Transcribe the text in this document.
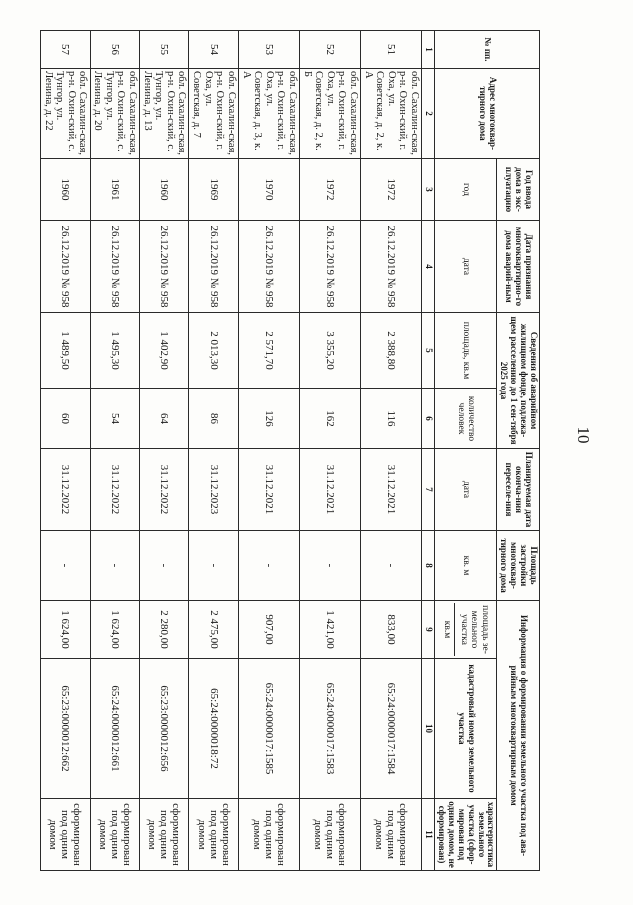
10
№ пп.	Адрес многоквар-тирного дома	Год ввода дома в экс-плуатацию	Дата признания многоквартирно-го дома аварий-ным	Сведения об аварийном жилищном фонде, подлежа-щем расселению до 1 сен-тября 2025 года		Планируемая дата оконча-ния переселе-ния	Площадь застройки многоквар-тирного дома	Информация о формировании земельного участка под ава-рийным многоквартирным домом		
		год	дата	площадь, кв.м	количество человек	дата	кв. м	площадь зе-мельного участка
кв.м	кадастровый номер земельного участка	характеристика земельного участка (сфор-мирован под одним домом, не сформирован)
1	2	3	4	5	6	7	8	9	10	11
51	обл. Сахалин-ская, р-н. Охин-ский, г. Оха, ул. Советская, д. 2, к. А	1972	26.12.2019 № 958	2 388,80	116	31.12.2021	-	833,00	65:24:0000017:1584	сформирован под одним домом
52	обл. Сахалин-ская, р-н. Охин-ский, г. Оха, ул. Советская, д. 2, к. Б	1972	26.12.2019 № 958	3 355,20	162	31.12.2021	-	1 421,00	65:24:0000017:1583	сформирован под одним домом
53	обл. Сахалин-ская, р-н. Охин-ский, г. Оха, ул. Советская, д. 3, к. А	1970	26.12.2019 № 958	2 571,70	126	31.12.2021	-	907,00	65:24:0000017:1585	сформирован под одним домом
54	обл. Сахалин-ская, р-н. Охин-ский, г. Оха, ул. Советская, д. 7	1969	26.12.2019 № 958	2 013,30	86	31.12.2023	-	2 475,00	65:24:0000018:72	сформирован под одним домом
55	обл. Сахалин-ская, р-н. Охин-ский, с. Тунгор, ул. Ленина, д. 13	1960	26.12.2019 № 958	1 402,90	64	31.12.2022	-	2 280,00	65:23:0000012:656	сформирован под одним домом
56	обл. Сахалин-ская, р-н. Охин-ский, с. Тунгор, ул. Ленина, д. 20	1961	26.12.2019 № 958	1 495,30	54	31.12.2022	-	1 624,00	65:24:0000012:661	сформирован под одним домом
57	обл. Сахалин-ская, р-н. Охин-ский, с. Тунгор, ул. Ленина, д. 22	1960	26.12.2019 № 958	1 489,50	60	31.12.2022	-	1 624,00	65:23:0000012:662	сформирован под одним домом
